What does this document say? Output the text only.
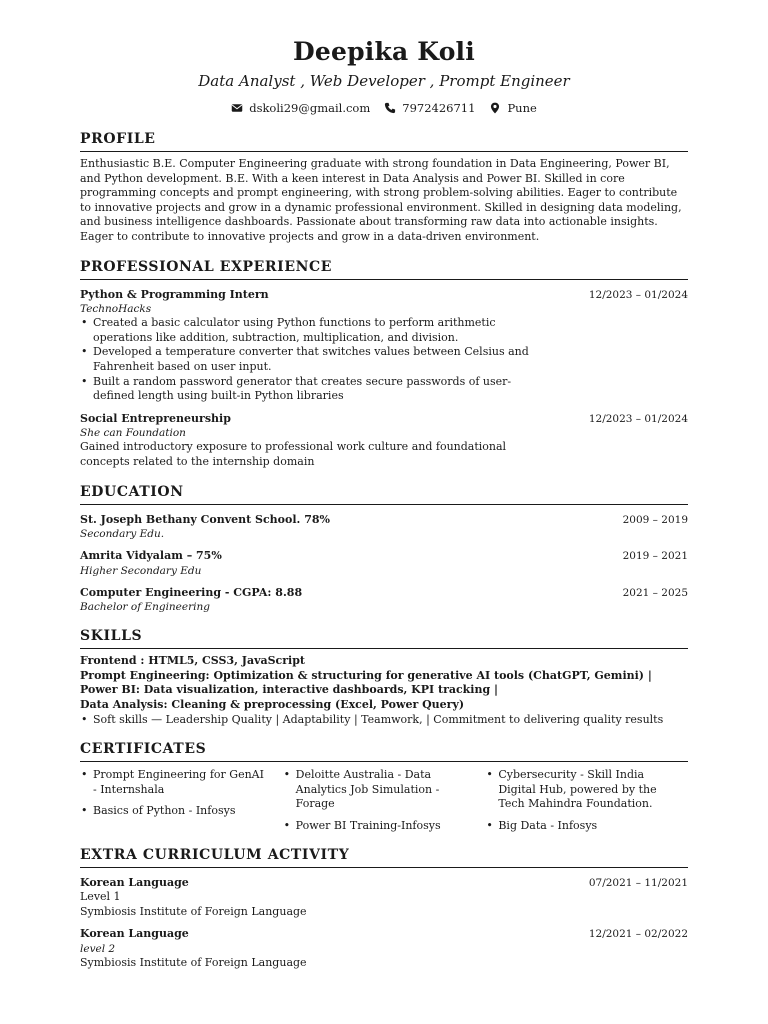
Deepika Koli
Data Analyst , Web Developer , Prompt Engineer
dskoli29@gmail.com	7972426711	Pune
PROFILE
Enthusiastic B.E. Computer Engineering graduate with strong foundation in Data Engineering, Power BI, and Python development. B.E. With a keen interest in Data Analysis and Power BI. Skilled in core programming concepts and prompt engineering, with strong problem-solving abilities. Eager to contribute to innovative projects and grow in a dynamic professional environment. Skilled in designing data modeling, and business intelligence dashboards. Passionate about transforming raw data into actionable insights. Eager to contribute to innovative projects and grow in a data-driven environment.
PROFESSIONAL EXPERIENCE
Python & Programming Intern	12/2023 – 01/2024
TechnoHacks
• Created a basic calculator using Python functions to perform arithmetic operations like addition, subtraction, multiplication, and division.
• Developed a temperature converter that switches values between Celsius and Fahrenheit based on user input.
• Built a random password generator that creates secure passwords of user-defined length using built-in Python libraries
Social Entrepreneurship	12/2023 – 01/2024
She can Foundation
Gained introductory exposure to professional work culture and foundational concepts related to the internship domain
EDUCATION
St. Joseph Bethany Convent School. 78%	2009 – 2019
Secondary Edu.
Amrita Vidyalam – 75%	2019 – 2021
Higher Secondary Edu
Computer Engineering - CGPA: 8.88	2021 – 2025
Bachelor of Engineering
SKILLS
Frontend : HTML5, CSS3, JavaScript
Prompt Engineering: Optimization & structuring for generative AI tools (ChatGPT, Gemini) |
Power BI: Data visualization, interactive dashboards, KPI tracking |
Data Analysis: Cleaning & preprocessing (Excel, Power Query)
• Soft skills — Leadership Quality | Adaptability | Teamwork, | Commitment to delivering quality results
CERTIFICATES
• Prompt Engineering for GenAI - Internshala
• Basics of Python - Infosys
• Deloitte Australia - Data Analytics Job Simulation - Forage
• Power BI Training-Infosys
• Cybersecurity - Skill India Digital Hub, powered by the Tech Mahindra Foundation.
• Big Data - Infosys
EXTRA CURRICULUM ACTIVITY
Korean Language	07/2021 – 11/2021
Level 1
Symbiosis Institute of Foreign Language
Korean Language	12/2021 – 02/2022
level 2
Symbiosis Institute of Foreign Language
